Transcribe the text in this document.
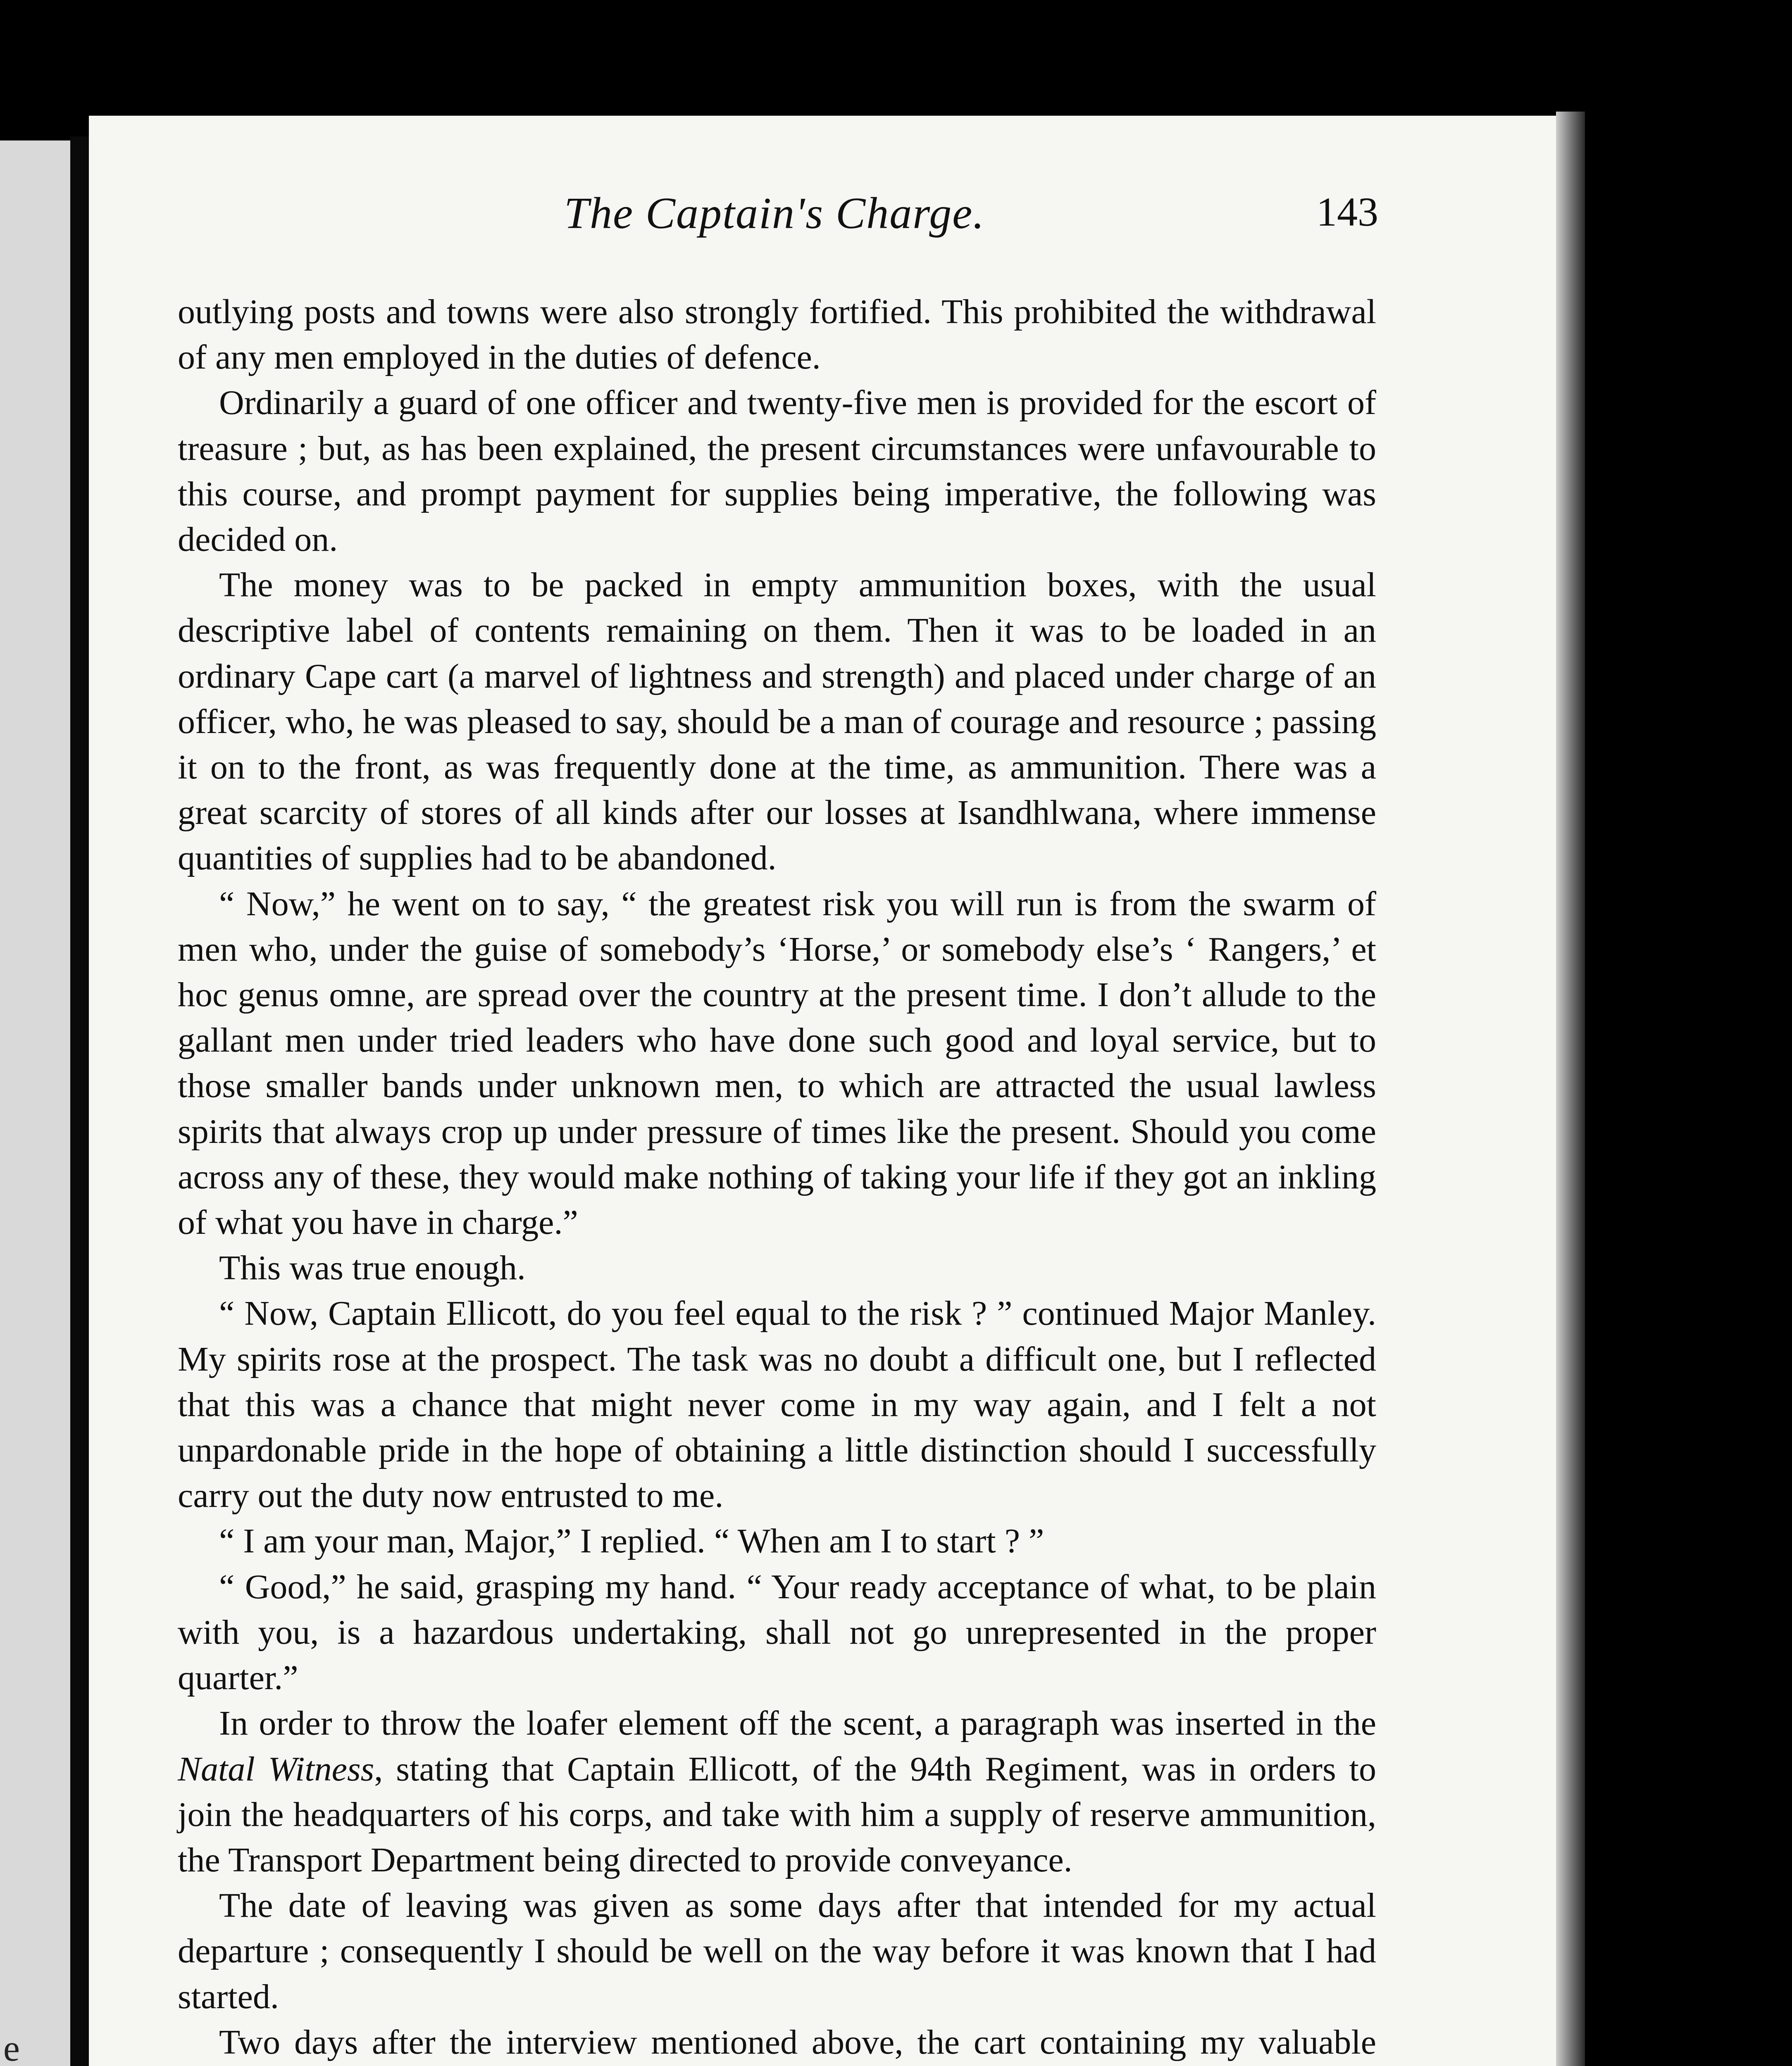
e
The Captain's Charge.	143

outlying posts and towns were also strongly fortified. This prohibited the withdrawal of any men employed in the duties of defence.

Ordinarily a guard of one officer and twenty-five men is provided for the escort of treasure ; but, as has been explained, the present circumstances were unfavourable to this course, and prompt payment for supplies being imperative, the following was decided on.

The money was to be packed in empty ammunition boxes, with the usual descriptive label of contents remaining on them. Then it was to be loaded in an ordinary Cape cart (a marvel of lightness and strength) and placed under charge of an officer, who, he was pleased to say, should be a man of courage and resource ; passing it on to the front, as was frequently done at the time, as ammunition. There was a great scarcity of stores of all kinds after our losses at Isandhlwana, where immense quantities of supplies had to be abandoned.

“ Now,” he went on to say, “ the greatest risk you will run is from the swarm of men who, under the guise of somebody’s ‘Horse,’ or somebody else’s ‘ Rangers,’ et hoc genus omne, are spread over the country at the present time. I don’t allude to the gallant men under tried leaders who have done such good and loyal service, but to those smaller bands under unknown men, to which are attracted the usual lawless spirits that always crop up under pressure of times like the present. Should you come across any of these, they would make nothing of taking your life if they got an inkling of what you have in charge.”

This was true enough.

“ Now, Captain Ellicott, do you feel equal to the risk ? ” continued Major Manley. My spirits rose at the prospect. The task was no doubt a difficult one, but I reflected that this was a chance that might never come in my way again, and I felt a not unpardonable pride in the hope of obtaining a little distinction should I successfully carry out the duty now entrusted to me.

“ I am your man, Major,” I replied. “ When am I to start ? ”

“ Good,” he said, grasping my hand. “ Your ready acceptance of what, to be plain with you, is a hazardous undertaking, shall not go unrepresented in the proper quarter.”

In order to throw the loafer element off the scent, a paragraph was inserted in the Natal Witness, stating that Captain Ellicott, of the 94th Regiment, was in orders to join the headquarters of his corps, and take with him a supply of reserve ammunition, the Transport Department being directed to provide conveyance.

The date of leaving was given as some days after that intended for my actual departure ; consequently I should be well on the way before it was known that I had started.

Two days after the interview mentioned above, the cart containing my valuable
